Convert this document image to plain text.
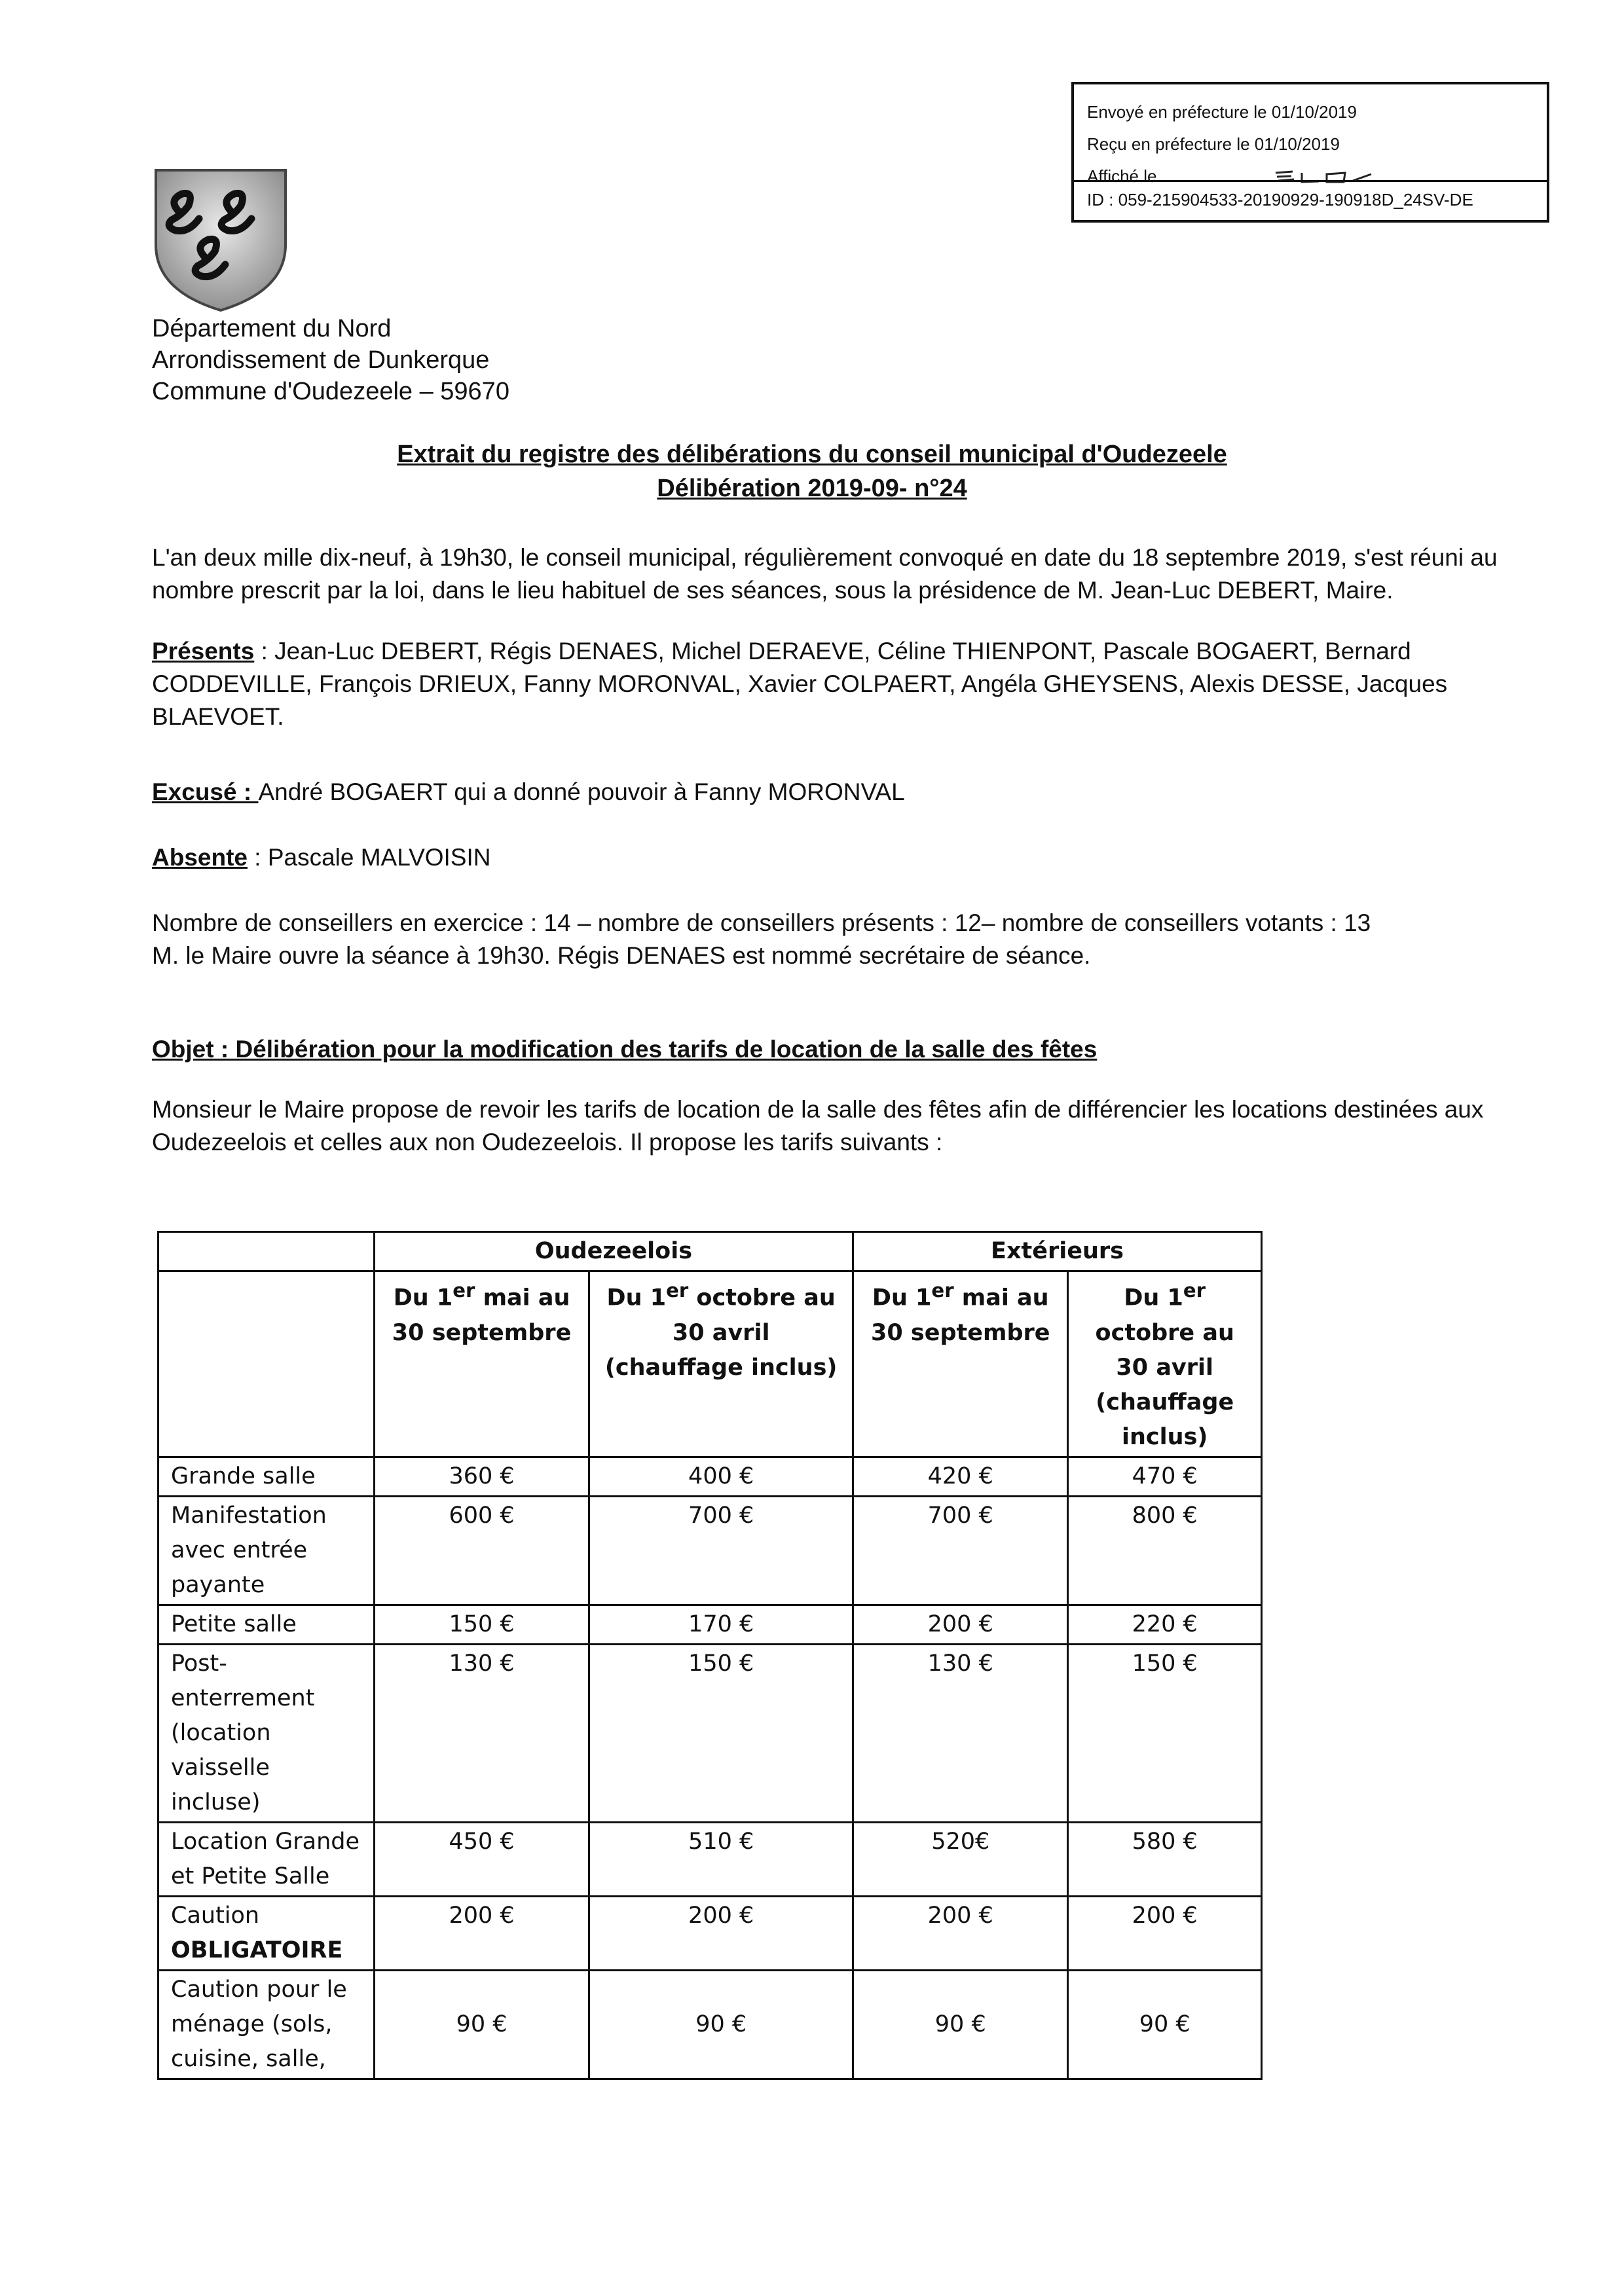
Envoyé en préfecture le 01/10/2019
Reçu en préfecture le 01/10/2019
Affiché le
ID : 059-215904533-20190929-190918D_24SV-DE
Département du Nord
Arrondissement de Dunkerque
Commune d'Oudezeele – 59670
Extrait du registre des délibérations du conseil municipal d'Oudezeele
Délibération 2019-09- n°24
L'an deux mille dix-neuf, à 19h30, le conseil municipal, régulièrement convoqué en date du 18 septembre 2019, s'est réuni au nombre prescrit par la loi, dans le lieu habituel de ses séances, sous la présidence de M. Jean-Luc DEBERT, Maire.
Présents : Jean-Luc DEBERT, Régis DENAES, Michel DERAEVE, Céline THIENPONT, Pascale BOGAERT, Bernard CODDEVILLE, François DRIEUX, Fanny MORONVAL, Xavier COLPAERT, Angéla GHEYSENS, Alexis DESSE, Jacques BLAEVOET.
Excusé : André BOGAERT qui a donné pouvoir à Fanny MORONVAL
Absente : Pascale MALVOISIN
Nombre de conseillers en exercice : 14 – nombre de conseillers présents : 12– nombre de conseillers votants : 13
M. le Maire ouvre la séance à 19h30. Régis DENAES est nommé secrétaire de séance.
Objet : Délibération pour la modification des tarifs de location de la salle des fêtes
Monsieur le Maire propose de revoir les tarifs de location de la salle des fêtes afin de différencier les locations destinées aux Oudezeelois et celles aux non Oudezeelois. Il propose les tarifs suivants :
	Oudezeelois		Extérieurs	
	Du 1er mai au 30 septembre	Du 1er octobre au 30 avril (chauffage inclus)	Du 1er mai au 30 septembre	Du 1er octobre au 30 avril (chauffage inclus)
Grande salle	360 €	400 €	420 €	470 €
Manifestation avec entrée payante	600 €	700 €	700 €	800 €
Petite salle	150 €	170 €	200 €	220 €
Post-enterrement (location vaisselle incluse)	130 €	150 €	130 €	150 €
Location Grande et Petite Salle	450 €	510 €	520€	580 €
Caution
OBLIGATOIRE	200 €	200 €	200 €	200 €
Caution pour le ménage (sols, cuisine, salle,	90 €	90 €	90 €	90 €
